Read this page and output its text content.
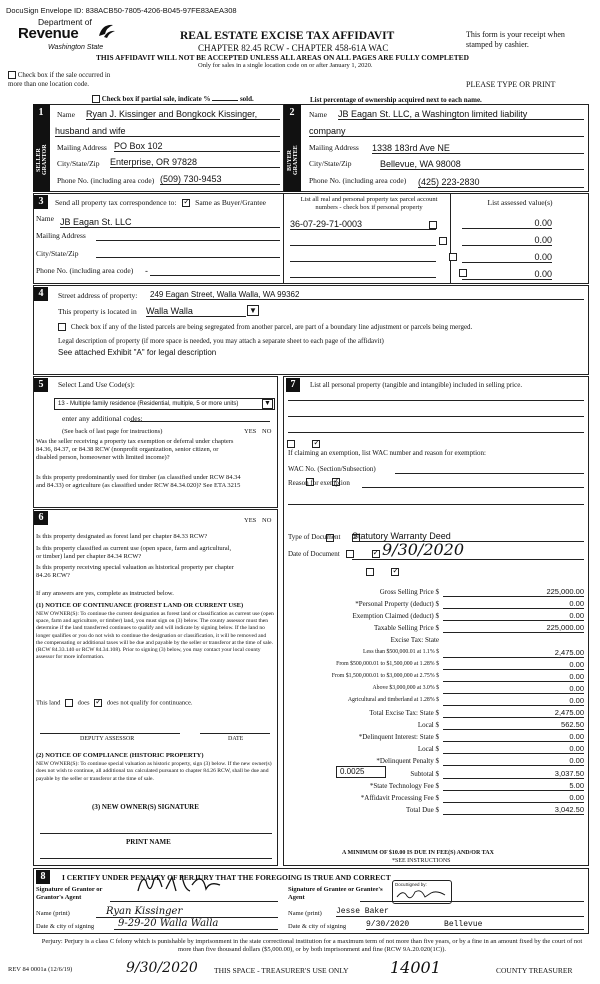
DocuSign Envelope ID: 838ACB50-7805-4206-B045-97FE83AEA308
Department of
Revenue
Washington State
REAL ESTATE EXCISE TAX AFFIDAVIT
CHAPTER 82.45 RCW - CHAPTER 458-61A WAC
THIS AFFIDAVIT WILL NOT BE ACCEPTED UNLESS ALL AREAS ON ALL PAGES ARE FULLY COMPLETED
Only for sales in a single location code on or after January 1, 2020.
This form is your receipt when stamped by cashier.
PLEASE TYPE OR PRINT
Check box if the sale occurred in more than one location code.
Check box if partial sale, indicate %	sold.	List percentage of ownership acquired next to each name.
1
SELLER GRANTOR
Name Ryan J. Kissinger and Bongkock Kissinger,
husband and wife
Mailing Address PO Box 102
City/State/Zip Enterprise, OR 97828
Phone No. (including area code) (509) 730-9453
2
BUYER GRANTEE
Name JB Eagan St. LLC, a Washington limited liability
company
Mailing Address 1338 183rd Ave NE
City/State/Zip	Bellevue, WA 98008
Phone No. (including area code) (425) 223-2830
3	Send all property tax correspondence to: ✓	Same as Buyer/Grantee
Name JB Eagan St. LLC
Mailing Address
City/State/Zip
Phone No. (including area code) -
List all real and personal property tax parcel account numbers - check box if personal property
List assessed value(s)
36-07-29-71-0003

	0.00
0.00
0.00
0.00
4	Street address of property: 249 Eagan Street, Walla Walla, WA 99362
This property is located in Walla Walla	▼
Check box if any of the listed parcels are being segregated from another parcel, are part of a boundary line adjustment or parcels being merged.
Legal description of property (if more space is needed, you may attach a separate sheet to each page of the affidavit)
See attached Exhibit "A" for legal description
5	Select Land Use Code(s):
13 - Multiple family residence (Residential, multiple, 5 or more units)	▼
enter any additional codes:
(See back of last page for instructions)	YES NO
Was the seller receiving a property tax exemption or deferral under chapters 84.36, 84.37, or 84.38 RCW (nonprofit organization, senior citizen, or disabled person, homeowner with limited income)?
✓
Is this property predominantly used for timber (as classified under RCW 84.34 and 84.33) or agriculture (as classified under RCW 84.34.020)? See ETA 3215
✓
6	YES NO
Is this property designated as forest land per chapter 84.33 RCW?
✓
Is this property classified as current use (open space, farm and agricultural, or timber) land per chapter 84.34 RCW?
✓
Is this property receiving special valuation as historical property per chapter 84.26 RCW?
✓
If any answers are yes, complete as instructed below.
(1) NOTICE OF CONTINUANCE (FOREST LAND OR CURRENT USE)
NEW OWNER(S): To continue the current designation as forest land or classification as current use (open space, farm and agriculture, or timber) land, you must sign on (3) below. The county assessor must then determine if the land transferred continues to qualify and will indicate by signing below. If the land no longer qualifies or you do not wish to continue the designation or classification, it will be removed and the compensating or additional taxes will be due and payable by the seller or transferor at the time of sale. (RCW 84.33.140 or RCW 84.34.108). Prior to signing (3) below, you may contact your local county assessor for more information.
This land	does ✓	does not qualify for continuance.
DEPUTY ASSESSOR	DATE
(2) NOTICE OF COMPLIANCE (HISTORIC PROPERTY)
NEW OWNER(S): To continue special valuation as historic property, sign (3) below. If the new owner(s) does not wish to continue, all additional tax calculated pursuant to chapter 84.26 RCW, shall be due and payable by the seller or transferor at the time of sale.
(3) NEW OWNER(S) SIGNATURE
PRINT NAME
7	List all personal property (tangible and intangible) included in selling price.
If claiming an exemption, list WAC number and reason for exemption:
WAC No. (Section/Subsection)
Reason for exemption
Type of Document Statutory Warranty Deed
Date of Document	9/30/2020
Gross Selling Price $	225,000.00
*Personal Property (deduct) $	0.00
Exemption Claimed (deduct) $	0.00
Taxable Selling Price $	225,000.00
Excise Tax: State
Less than $500,000.01 at 1.1% $	2,475.00
From $500,000.01 to $1,500,000 at 1.28% $	0.00
From $1,500,000.01 to $3,000,000 at 2.75% $	0.00
Above $3,000,000 at 3.0% $	0.00
Agricultural and timberland at 1.28% $	0.00
Total Excise Tax: State $	2,475.00
Local $	562.50
*Delinquent Interest: State $	0.00
Local $	0.00
*Delinquent Penalty $	0.00
Subtotal $	3,037.50
*State Technology Fee $	5.00
*Affidavit Processing Fee $	0.00
Total Due $	3,042.50
0.0025
A MINIMUM OF $10.00 IS DUE IN FEE(S) AND/OR TAX
*SEE INSTRUCTIONS
8	I CERTIFY UNDER PENALTY OF PERJURY THAT THE FOREGOING IS TRUE AND CORRECT
Signature of Grantor or Grantor's Agent
Name (print)	Ryan Kissinger
Date & city of signing	9-29-20 Walla Walla
Signature of Grantee or Grantee's Agent
DocuSigned by:
Name (print) Jesse Baker
Date & city of signing 9/30/2020	Bellevue
Perjury: Perjury is a class C felony which is punishable by imprisonment in the state correctional institution for a maximum term of not more than five years, or by a fine in an amount fixed by the court of not more than five thousand dollars ($5,000.00), or by both imprisonment and fine (RCW 9A.20.020(1C)).
REV 84 0001a (12/6/19)	9/30/2020 THIS SPACE - TREASURER'S USE ONLY	14001	COUNTY TREASURER
